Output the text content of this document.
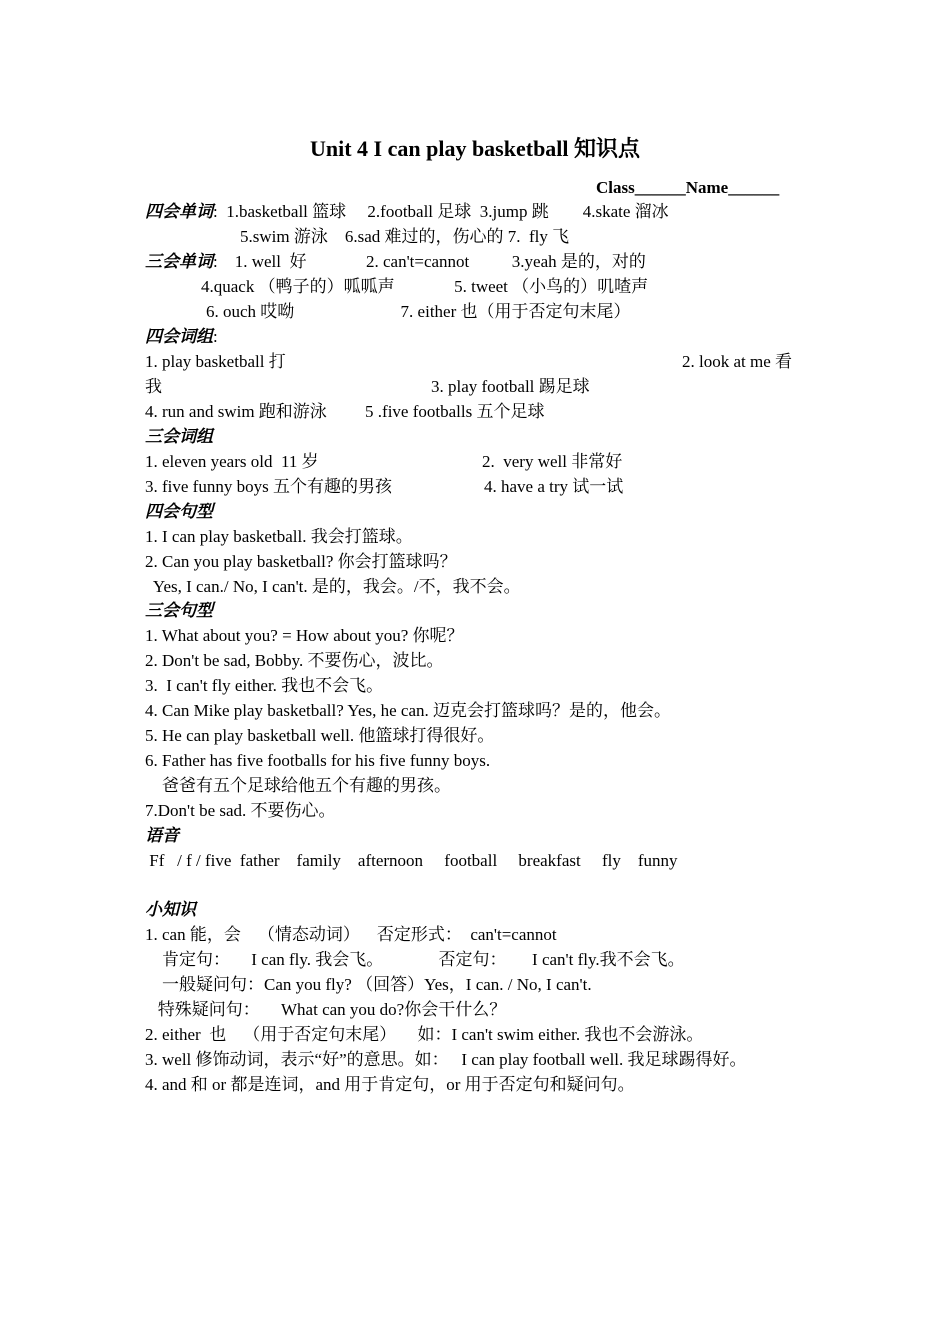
Unit 4 I can play basketball 知识点
Class______Name______
四会单词: 1.basketball 篮球     2.football 足球  3.jump 跳        4.skate 溜冰
5.swim 游泳    6.sad 难过的，伤心的 7.  fly 飞
三会单词: 1. well  好              2. can't=cannot          3.yeah 是的，对的
4.quack （鸭子的）呱呱声              5. tweet （小鸟的）叽喳声
6. ouch 哎呦                         7. either 也（用于否定句末尾）
四会词组:
1. play basketball 打	2. look at me 看
我	3. play football 踢足球
4. run and swim 跑和游泳         5 .five footballs 五个足球
三会词组
1. eleven years old  11 岁	2.  very well 非常好
3. five funny boys 五个有趣的男孩	4. have a try 试一试
四会句型
1. I can play basketball. 我会打篮球。
2. Can you play basketball? 你会打篮球吗？
Yes, I can./ No, I can't. 是的，我会。/不，我不会。
三会句型
1. What about you? = How about you? 你呢？
2. Don't be sad, Bobby. 不要伤心，波比。
3.  I can't fly either. 我也不会飞。
4. Can Mike play basketball? Yes, he can. 迈克会打篮球吗？是的，他会。
5. He can play basketball well. 他篮球打得很好。
6. Father has five footballs for his five funny boys.
爸爸有五个足球给他五个有趣的男孩。
7.Don't be sad. 不要伤心。
语音
Ff   / f / five  father    family    afternoon     football     breakfast     fly    funny
小知识
1. can 能，会    （情态动词）    否定形式：  can't=cannot
肯定句：     I can fly. 我会飞。             否定句：      I can't fly.我不会飞。
一般疑问句：Can you fly? （回答）Yes，I can. / No, I can't.
特殊疑问句：     What can you do?你会干什么？
2. either  也    （用于否定句末尾）     如：I can't swim either. 我也不会游泳。
3. well 修饰动词，表示“好”的意思。如：   I can play football well. 我足球踢得好。
4. and 和 or 都是连词，and 用于肯定句，or 用于否定句和疑问句。
